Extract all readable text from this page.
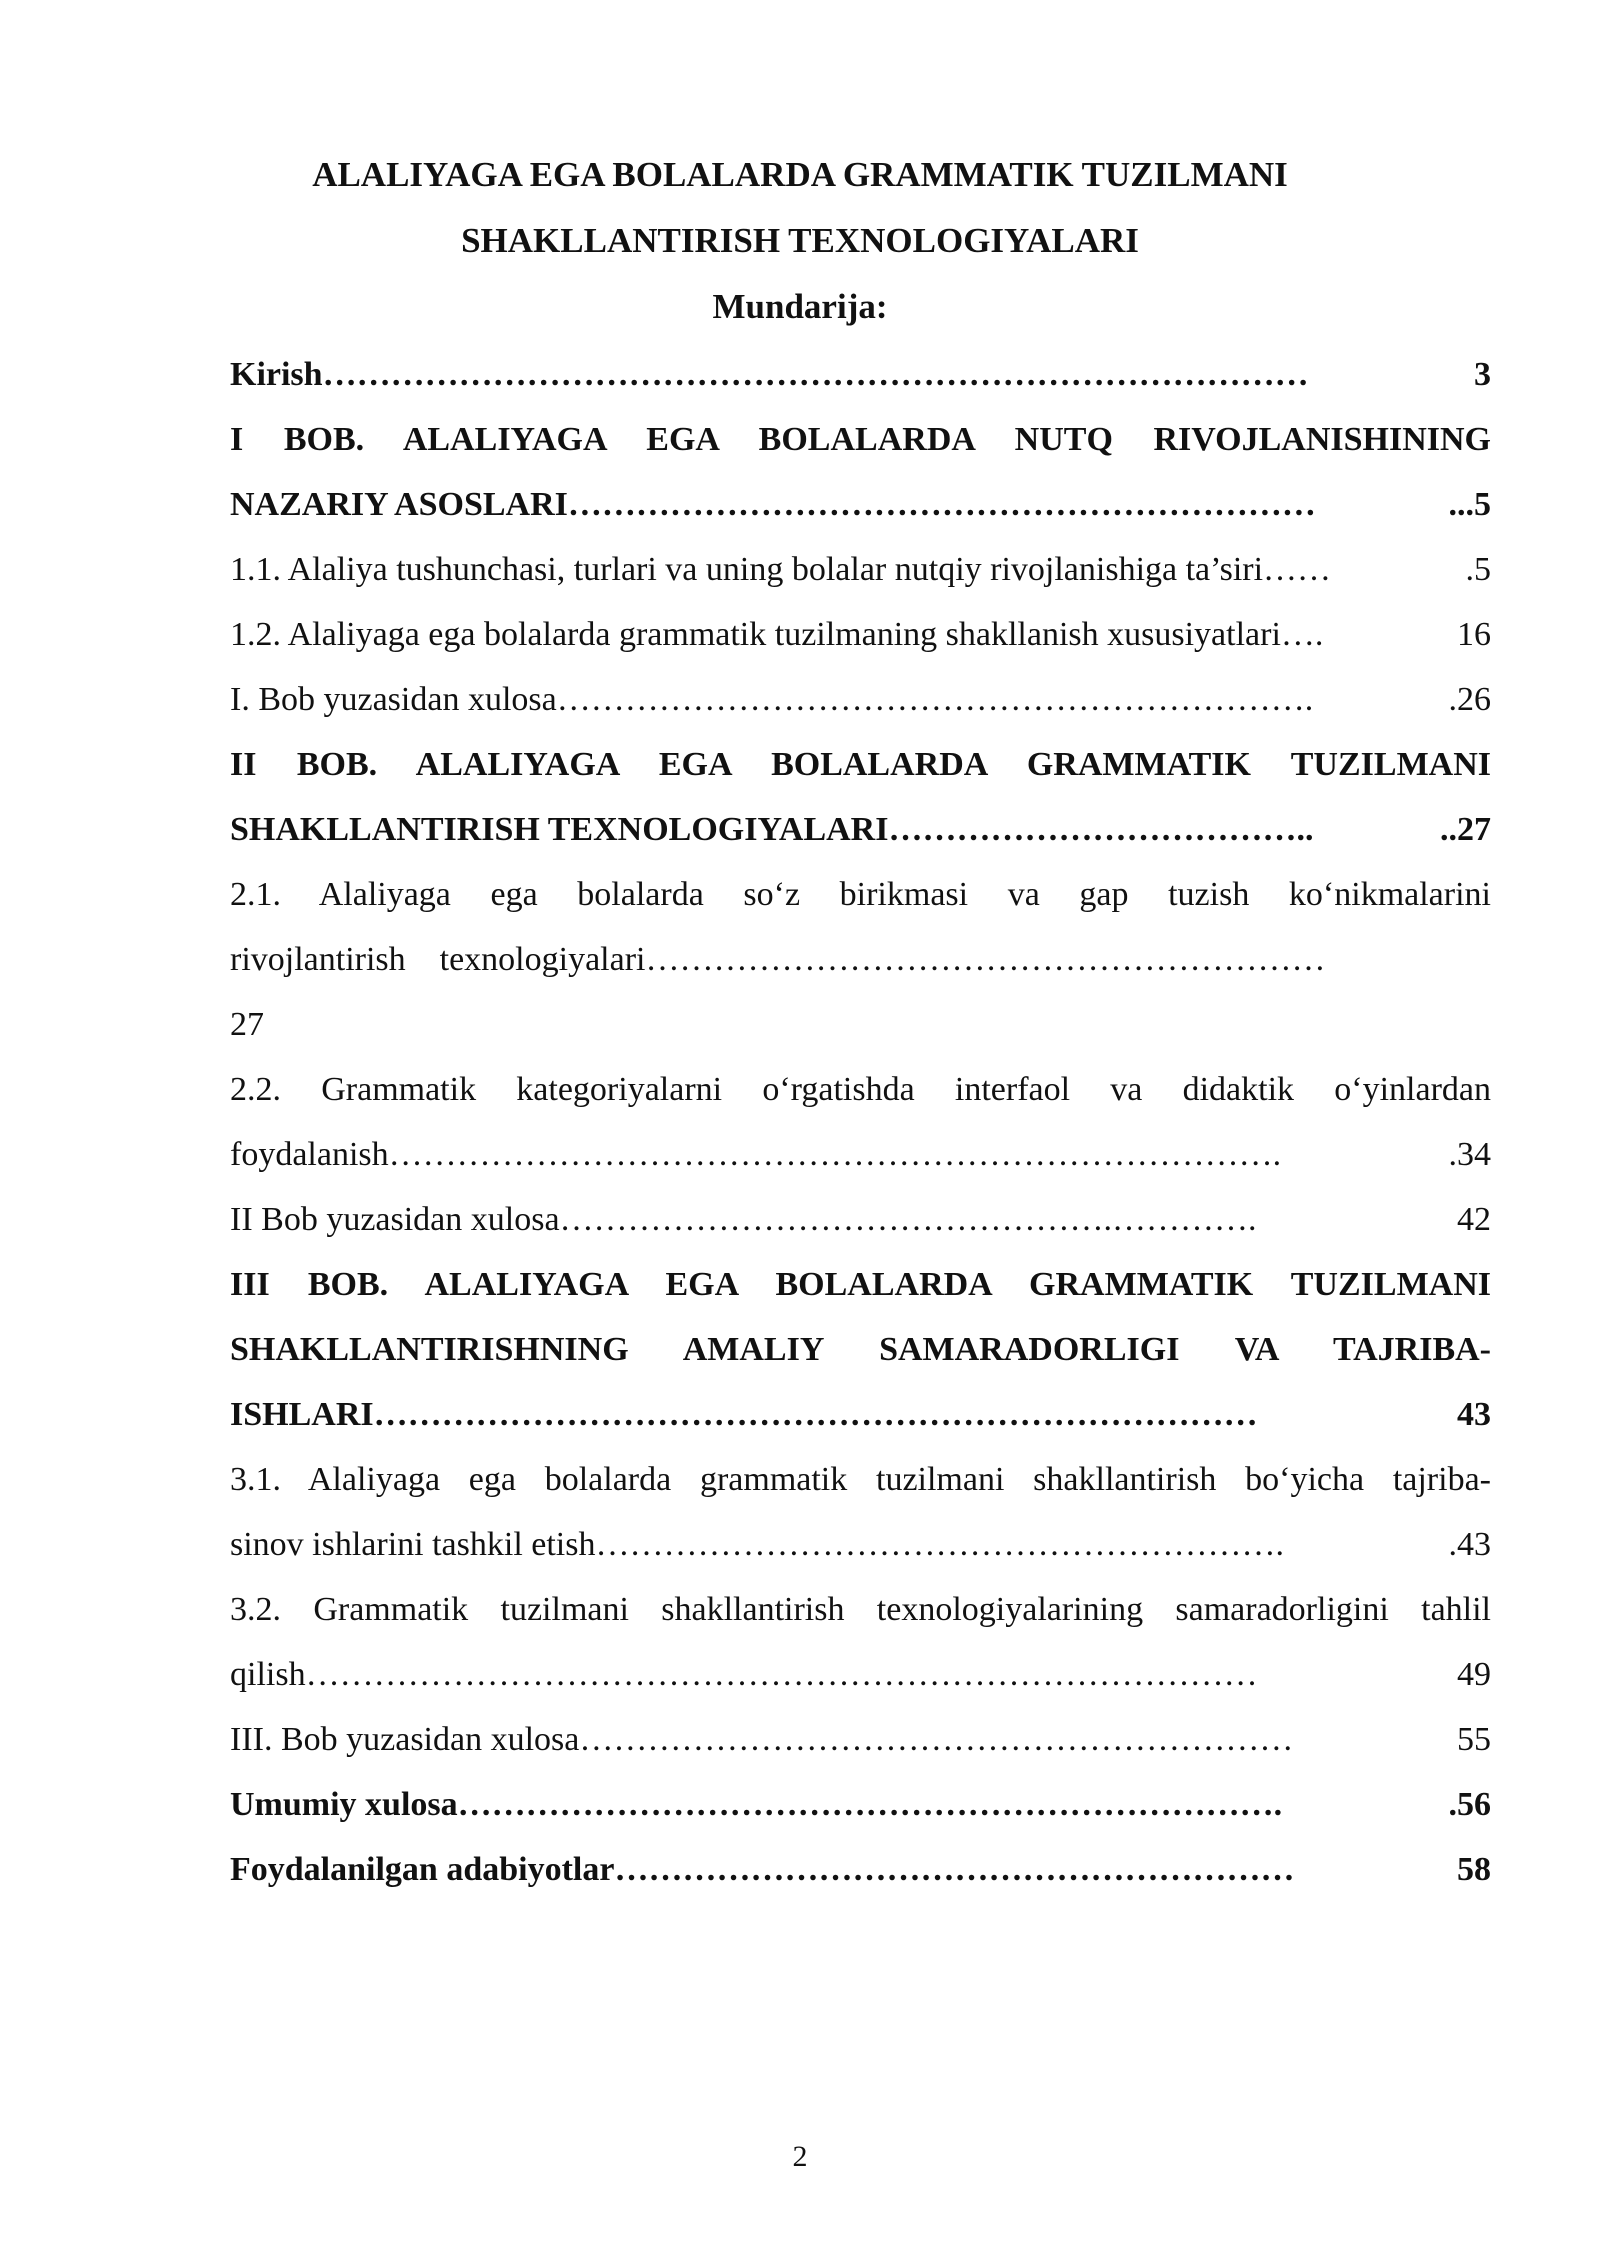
ALALIYAGA EGA BOLALARDA GRAMMATIK TUZILMANI
SHAKLLANTIRISH TEXNOLOGIYALARI
Mundarija:
Kirish ……………………………………………………………………………	3
I BOB. ALALIYAGA EGA BOLALARDA NUTQ RIVOJLANISHINING
NAZARIY ASOSLARI …………………………………………………………	...5
1.1. Alaliya tushunchasi, turlari va uning bolalar nutqiy rivojlanishiga ta’siri ……	.5
1.2. Alaliyaga ega bolalarda grammatik tuzilmaning shakllanish xususiyatlari ….	16
I. Bob yuzasidan xulosa ………………………………………………………….	.26
II BOB. ALALIYAGA EGA BOLALARDA GRAMMATIK TUZILMANI
SHAKLLANTIRISH TEXNOLOGIYALARI ………………………………..	..27
2.1. Alaliyaga ega bolalarda so‘z birikmasi va gap tuzish ko‘nikmalarini
rivojlantirish    texnologiyalari ……………………………………………………
27
2.2. Grammatik kategoriyalarni o‘rgatishda interfaol va didaktik o‘yinlardan
foydalanish …………………………………………………………………….	.34
II Bob yuzasidan xulosa ………………………………………….………….	42
III BOB. ALALIYAGA EGA BOLALARDA GRAMMATIK TUZILMANI
SHAKLLANTIRISHNING AMALIY SAMARADORLIGI VA TAJRIBA-
ISHLARI ……………………………………………………………………	43
3.1. Alaliyaga ega bolalarda grammatik tuzilmani shakllantirish bo‘yicha tajriba-
sinov ishlarini tashkil etish …………………………………………………….	.43
3.2. Grammatik tuzilmani shakllantirish texnologiyalarining samaradorligini tahlil
qilish …………………………………………………………………………	49
III. Bob yuzasidan xulosa ………………………………………………………	55
Umumiy xulosa ……………………………………………………………….	.56
Foydalanilgan adabiyotlar ……………………………………………………	58
2
